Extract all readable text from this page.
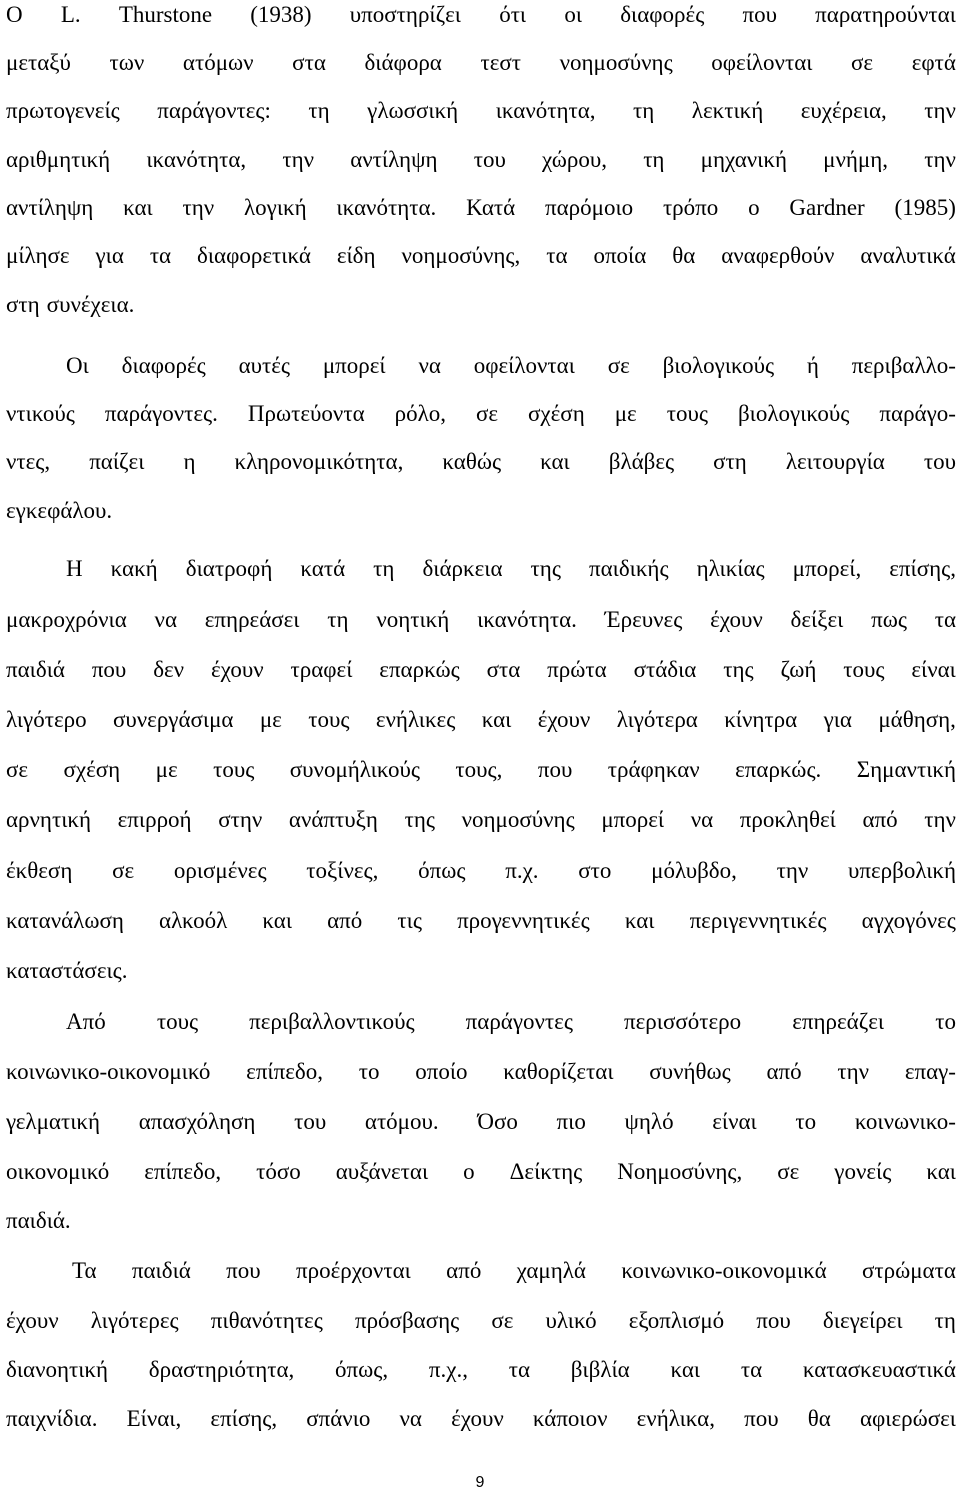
Ο L. Thurstone (1938) υποστηρίζει ότι οι διαφορές που παρατηρούνται
μεταξύ των ατόμων στα διάφορα τεστ νοημοσύνης οφείλονται σε εφτά
πρωτογενείς παράγοντες: τη γλωσσική ικανότητα, τη λεκτική ευχέρεια, την
αριθμητική ικανότητα, την αντίληψη του χώρου, τη μηχανική μνήμη, την
αντίληψη και την λογική ικανότητα. Κατά παρόμοιο τρόπο ο Gardner (1985)
μίλησε για τα διαφορετικά είδη νοημοσύνης, τα οποία θα αναφερθούν αναλυτικά
στη συνέχεια.
Οι διαφορές αυτές μπορεί να οφείλονται σε βιολογικούς ή περιβαλλο-
ντικούς παράγοντες. Πρωτεύοντα ρόλο, σε σχέση με τους βιολογικούς παράγο-
ντες, παίζει η κληρονομικότητα, καθώς και βλάβες στη λειτουργία του
εγκεφάλου.
Η κακή διατροφή κατά τη διάρκεια της παιδικής ηλικίας μπορεί, επίσης,
μακροχρόνια να επηρεάσει τη νοητική ικανότητα. Έρευνες έχουν δείξει πως τα
παιδιά που δεν έχουν τραφεί επαρκώς στα πρώτα στάδια της ζωή τους είναι
λιγότερο συνεργάσιμα με τους ενήλικες και έχουν λιγότερα κίνητρα για μάθηση,
σε σχέση με τους συνομήλικούς τους, που τράφηκαν επαρκώς. Σημαντική
αρνητική επιρροή στην ανάπτυξη της νοημοσύνης μπορεί να προκληθεί από την
έκθεση σε ορισμένες τοξίνες, όπως π.χ. στο μόλυβδο, την υπερβολική
κατανάλωση αλκοόλ και από τις προγεννητικές και περιγεννητικές αγχογόνες
καταστάσεις.
Από τους περιβαλλοντικούς παράγοντες περισσότερο επηρεάζει το
κοινωνικο-οικονομικό επίπεδο, το οποίο καθορίζεται συνήθως από την επαγ-
γελματική απασχόληση του ατόμου. Όσο πιο ψηλό είναι το κοινωνικο-
οικονομικό επίπεδο, τόσο αυξάνεται ο Δείκτης Νοημοσύνης, σε γονείς και
παιδιά.
Τα παιδιά που προέρχονται από χαμηλά κοινωνικο-οικονομικά στρώματα
έχουν λιγότερες πιθανότητες πρόσβασης σε υλικό εξοπλισμό που διεγείρει τη
διανοητική δραστηριότητα, όπως, π.χ., τα βιβλία και τα κατασκευαστικά
παιχνίδια. Είναι, επίσης, σπάνιο να έχουν κάποιον ενήλικα, που θα αφιερώσει
9
